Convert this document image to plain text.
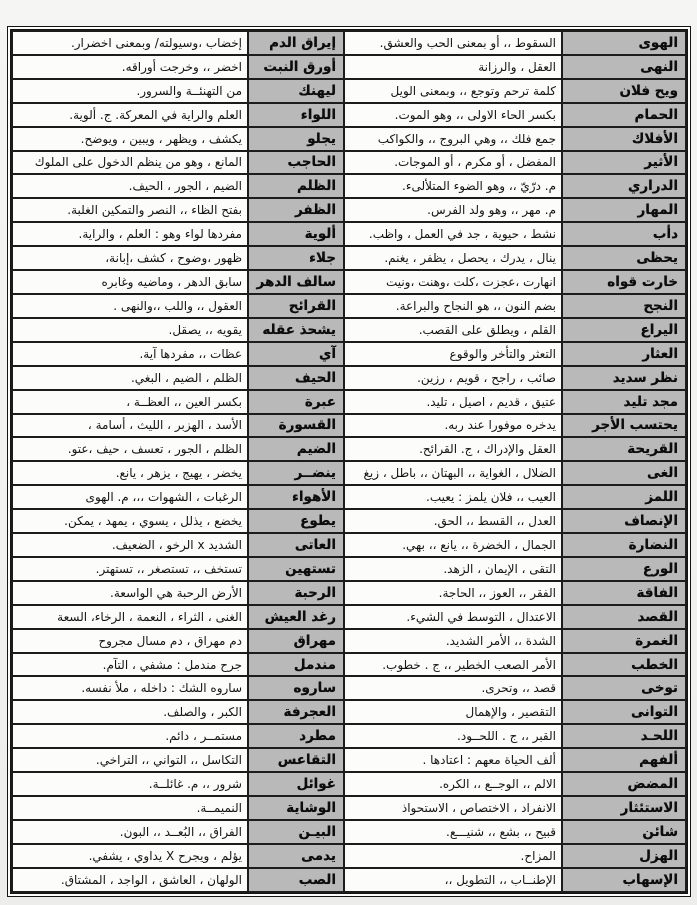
الهوى	السقوط ،، أو بمعنى الحب والعشق.	إيراق الدم	إخضاب ،وسيولته/ وبمعنى اخضرار.
النهى	العقل ، والرزانة	أورق النبت	اخضر ،، وخرجت أوراقه.
ويح فلان	كلمة ترحم وتوجع ،، وبمعنى الويل	ليهنك	من التهنئــة والسرور.
الحمام	بكسر الحاء الاولى ،، وهو الموت.	اللواء	العلم والراية في المعركة. ج. ألوية.
الأفلاك	جمع فلك ،، وهي البروج ،، والكواكب	يجلو	يكشف ، ويظهر ، ويبين ، ويوضح.
الأثير	المفضل ، أو مكرم ، أو الموجات.	الحاجب	المانع ، وهو من ينظم الدخول على الملوك
الدراري	م. درّيّ ،، وهو الضوء المتلألىء.	الظلم	الضيم ، الجور ، الحيف.
المهار	م. مهر ،، وهو ولد الفرس.	الظفر	بفتح الظاء ،، النصر والتمكين الغلبة.
دأب	نشط ، حيوية ، جد في العمل ، واظب.	ألوية	مفردها لواء وهو : العلم ، والراية.
يحظى	ينال ، يدرك ، يحصل ، يظفر ، يغنم.	جلاء	ظهور ،وضوح ، كشف ،إبانة،
خارت قواه	انهارت ،عجزت ،كلت ،وهنت ،ونيت	سالف الدهر	سابق الدهر ، وماضيه وغابره
النجح	بضم النون ،، هو النجاح والبراعة.	القرائح	العقول ،، واللب ،،والنهى .
اليراع	القلم ، ويطلق على القصب.	يشحذ عقله	يقويه ،، يصقل.
العثار	التعثر والتأخر والوقوع	آي	عظات ،، مفردها آية.
نظر سديد	صائب ، راجح ، قويم ، رزين.	الحيف	الظلم ، الضيم ، البغي.
مجد تليد	عتيق ، قديم ، اصيل ، تليد.	عبرة	بكسر العين ،، العظــة ،
يحتسب الأجر	يدخره موفورا عند ربه.	القسورة	الأسد ، الهزبر ، الليث ، أسامة ،
القريحة	العقل والإدراك ، ج. القرائح.	الضيم	الظلم ، الجور ، تعسف ، حيف ،عتو.
الغى	الضلال ، الغواية ،، البهتان ،، باطل ، زيغ	ينضــر	يخضر ، يهيج ، يزهر ، يانع.
اللمز	العيب ،، فلان يلمز : يعيب.	الأهواء	الرغبات ، الشهوات ،،، م. الهوى
الإنصاف	العدل ،، القسط ،، الحق.	يطوع	يخضع ، يذلل ، يسوي ، يمهد ، يمكن.
النضارة	الجمال ، الخضرة ،، يانع ،، بهي.	العاتى	الشديد x الرخو ، الضعيف.
الورع	التقى ، الإيمان ، الزهد.	تستهين	تستخف ،، تستصغر ،، تستهتر.
الفاقة	الفقر ،، العوز ،، الحاجة.	الرحبة	الأرض الرحبة هي الواسعة.
القصد	الاعتدال ، التوسط في الشيء.	رغد العيش	الغنى ، الثراء ، النعمة ، الرخاء، السعة
الغمرة	الشدة ،، الأمر الشديد.	مهراق	دم مهراق ، دم مسال مجروح
الخطب	الأمر الصعب الخطير ،، ج . خطوب.	مندمل	جرح مندمل : مشفي ، التآم.
توخى	قصد ،، وتحرى.	ساروه	ساروه الشك : داخله ، ملأ نفسه.
التوانى	التقصير ، والإهمال	العجرفة	الكبر ، والصلف.
اللحـد	القبر ،، ج . اللحــود.	مطرد	مستمــر ، دائم.
ألفهم	ألف الحياة معهم : اعتادها .	التقاعس	التكاسل ،، التواني ،، التراخي.
المضض	الالم ،، الوجــع ،، الكره.	غوائل	شرور ،، م. غائلــة.
الاستئثار	الانفراد ، الاختصاص ، الاستحواذ	الوشاية	النميمــة.
شائن	قبيح ،، بشع ،، شنيـــع.	البيـن	الفراق ،، البُعــد ،، البون.
الهزل	المزاح.	يدمى	يؤلم ، ويجرح X يداوي ، يشفي.
الإسهاب	الإطنــاب ،، التطويل ،،	الصب	الولهان ، العاشق ، الواجد ، المشتاق.
